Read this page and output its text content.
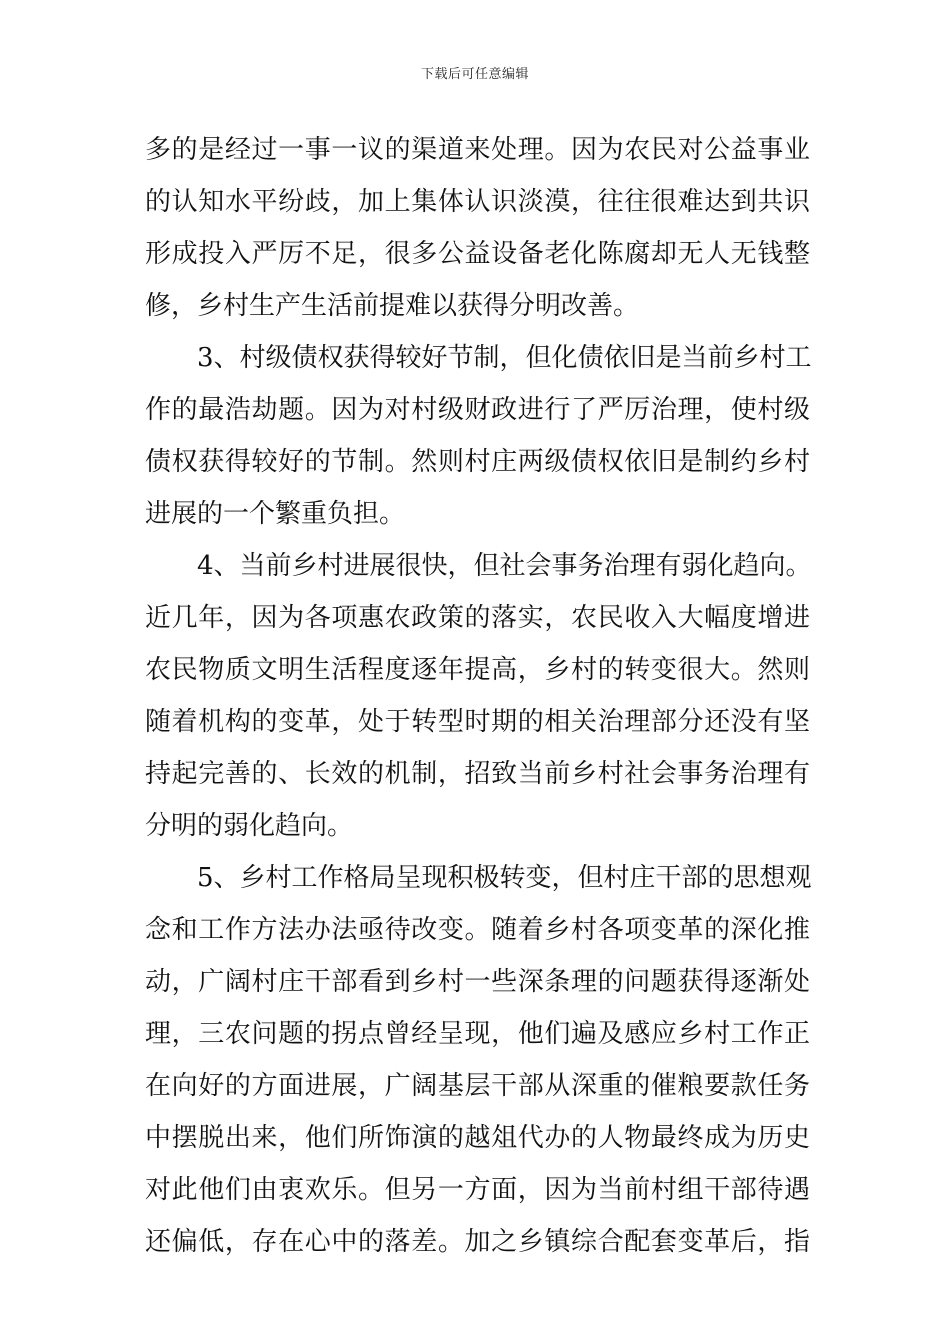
下载后可任意编辑
多的是经过一事一议的渠道来处理。因为农民对公益事业
的认知水平纷歧，加上集体认识淡漠，往往很难达到共识
形成投入严厉不足，很多公益设备老化陈腐却无人无钱整
修，乡村生产生活前提难以获得分明改善。
3、村级债权获得较好节制，但化债依旧是当前乡村工
作的最浩劫题。因为对村级财政进行了严厉治理，使村级
债权获得较好的节制。然则村庄两级债权依旧是制约乡村
进展的一个繁重负担。
4、当前乡村进展很快，但社会事务治理有弱化趋向。
近几年，因为各项惠农政策的落实，农民收入大幅度增进
农民物质文明生活程度逐年提高，乡村的转变很大。然则
随着机构的变革，处于转型时期的相关治理部分还没有坚
持起完善的、长效的机制，招致当前乡村社会事务治理有
分明的弱化趋向。
5、乡村工作格局呈现积极转变，但村庄干部的思想观
念和工作方法办法亟待改变。随着乡村各项变革的深化推
动，广阔村庄干部看到乡村一些深条理的问题获得逐渐处
理，三农问题的拐点曾经呈现，他们遍及感应乡村工作正
在向好的方面进展，广阔基层干部从深重的催粮要款任务
中摆脱出来，他们所饰演的越俎代办的人物最终成为历史
对此他们由衷欢乐。但另一方面，因为当前村组干部待遇
还偏低，存在心中的落差。加之乡镇综合配套变革后，指
